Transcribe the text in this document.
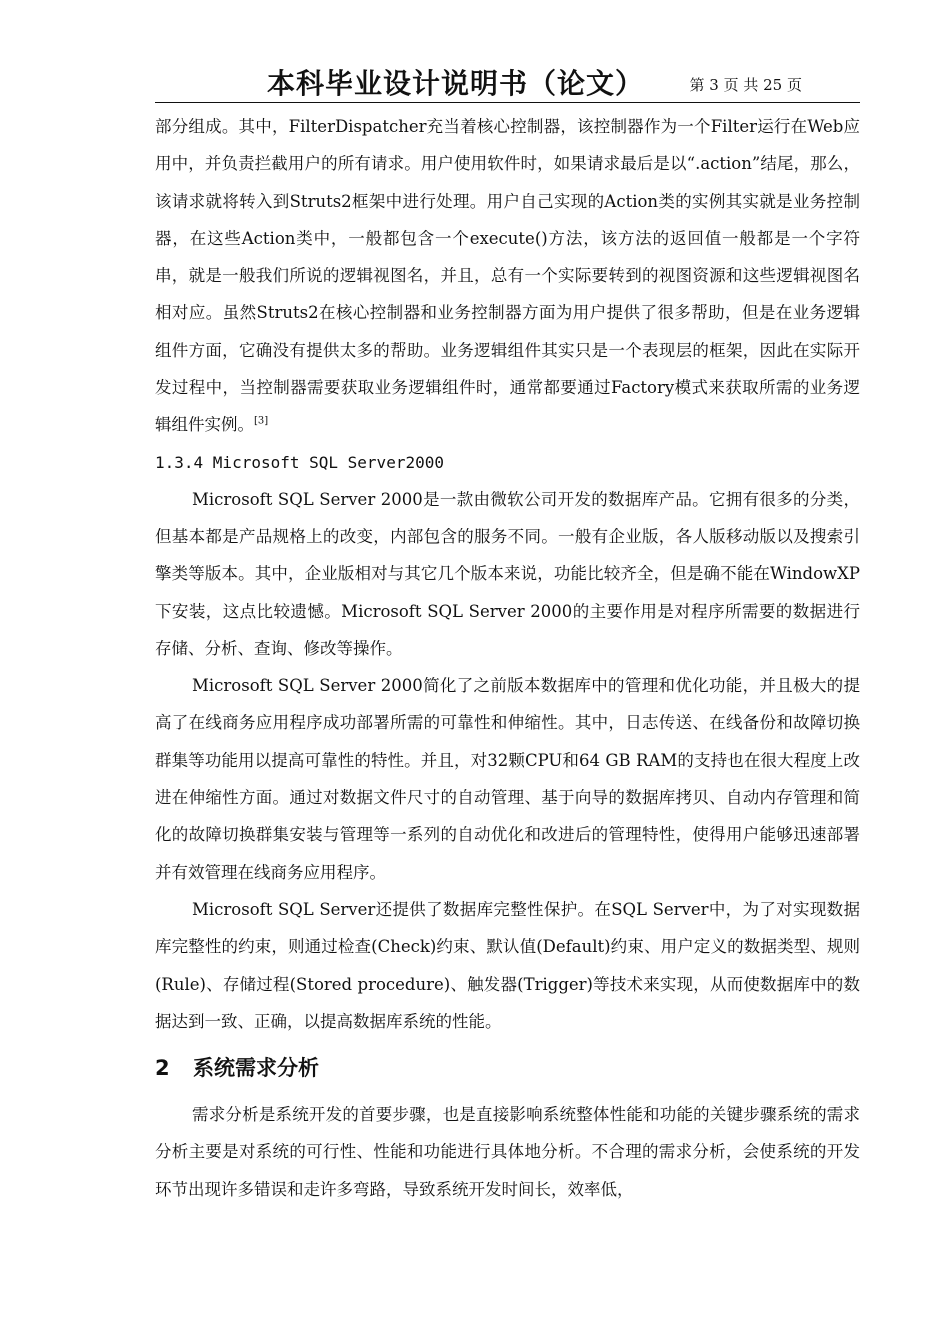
本科毕业设计说明书（论文）	第 3 页 共 25 页

部分组成。其中，FilterDispatcher充当着核心控制器，该控制器作为一个Filter运行在Web应用中，并负责拦截用户的所有请求。用户使用软件时，如果请求最后是以“.action”结尾，那么，该请求就将转入到Struts2框架中进行处理。用户自己实现的Action类的实例其实就是业务控制器，在这些Action类中，一般都包含一个execute()方法，该方法的返回值一般都是一个字符串，就是一般我们所说的逻辑视图名，并且，总有一个实际要转到的视图资源和这些逻辑视图名相对应。虽然Struts2在核心控制器和业务控制器方面为用户提供了很多帮助，但是在业务逻辑组件方面，它确没有提供太多的帮助。业务逻辑组件其实只是一个表现层的框架，因此在实际开发过程中，当控制器需要获取业务逻辑组件时，通常都要通过Factory模式来获取所需的业务逻辑组件实例。[3]

1.3.4 Microsoft SQL Server2000

Microsoft SQL Server 2000是一款由微软公司开发的数据库产品。它拥有很多的分类，但基本都是产品规格上的改变，内部包含的服务不同。一般有企业版，各人版移动版以及搜索引擎类等版本。其中，企业版相对与其它几个版本来说，功能比较齐全，但是确不能在WindowXP下安装，这点比较遗憾。Microsoft SQL Server 2000的主要作用是对程序所需要的数据进行存储、分析、查询、修改等操作。

Microsoft SQL Server 2000简化了之前版本数据库中的管理和优化功能，并且极大的提高了在线商务应用程序成功部署所需的可靠性和伸缩性。其中，日志传送、在线备份和故障切换群集等功能用以提高可靠性的特性。并且，对32颗CPU和64 GB RAM的支持也在很大程度上改进在伸缩性方面。通过对数据文件尺寸的自动管理、基于向导的数据库拷贝、自动内存管理和简化的故障切换群集安装与管理等一系列的自动优化和改进后的管理特性，使得用户能够迅速部署并有效管理在线商务应用程序。

Microsoft SQL Server还提供了数据库完整性保护。在SQL Server中，为了对实现数据库完整性的约束，则通过检查(Check)约束、默认值(Default)约束、用户定义的数据类型、规则(Rule)、存储过程(Stored procedure)、触发器(Trigger)等技术来实现，从而使数据库中的数据达到一致、正确，以提高数据库系统的性能。

2 系统需求分析

需求分析是系统开发的首要步骤，也是直接影响系统整体性能和功能的关键步骤系统的需求分析主要是对系统的可行性、性能和功能进行具体地分析。不合理的需求分析，会使系统的开发环节出现许多错误和走许多弯路，导致系统开发时间长，效率低，
